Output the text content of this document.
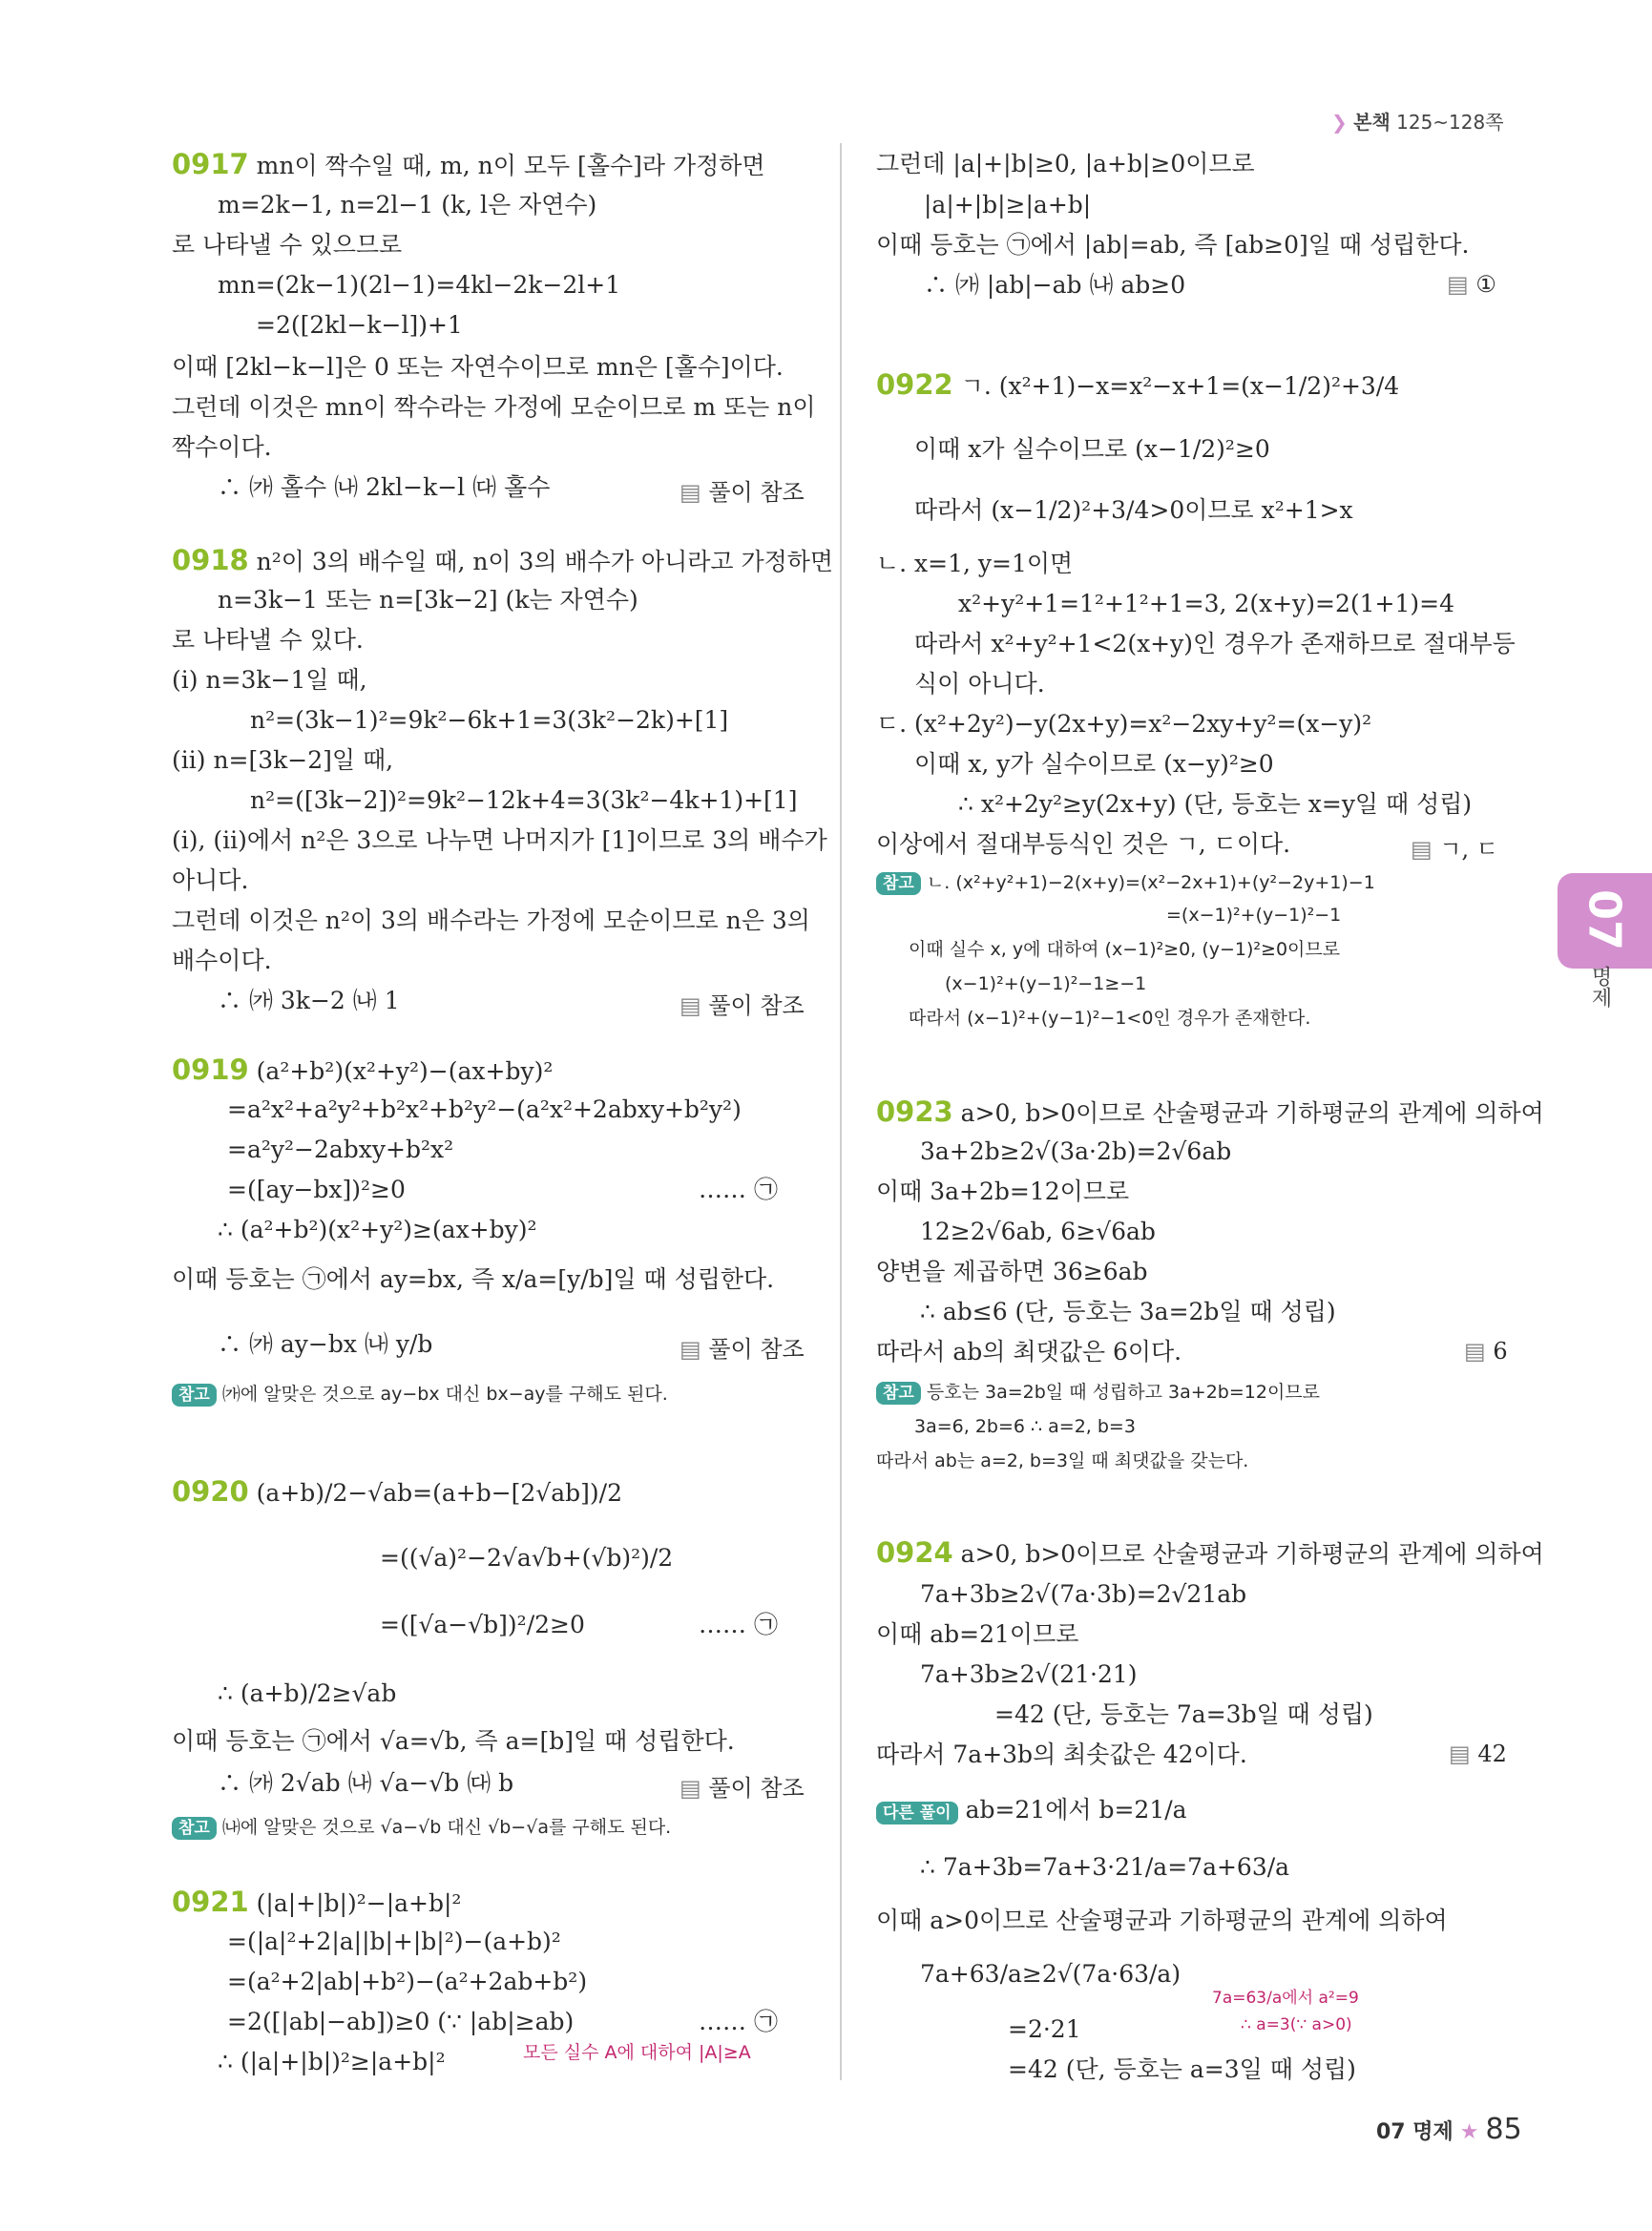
❯ 본책 125~128쪽
0917 mn이 짝수일 때, m, n이 모두 [홀수]라 가정하면
m=2k−1, n=2l−1 (k, l은 자연수)
로 나타낼 수 있으므로
mn=(2k−1)(2l−1)=4kl−2k−2l+1
=2([2kl−k−l])+1
이때 [2kl−k−l]은 0 또는 자연수이므로 mn은 [홀수]이다.
그런데 이것은 mn이 짝수라는 가정에 모순이므로 m 또는 n이
짝수이다.
∴ ㈎ 홀수 ㈏ 2kl−k−l ㈐ 홀수	▤ 풀이 참조
0918 n²이 3의 배수일 때, n이 3의 배수가 아니라고 가정하면
n=3k−1 또는 n=[3k−2] (k는 자연수)
로 나타낼 수 있다.
(i) n=3k−1일 때,
n²=(3k−1)²=9k²−6k+1=3(3k²−2k)+[1]
(ii) n=[3k−2]일 때,
n²=([3k−2])²=9k²−12k+4=3(3k²−4k+1)+[1]
(i), (ii)에서 n²은 3으로 나누면 나머지가 [1]이므로 3의 배수가
아니다.
그런데 이것은 n²이 3의 배수라는 가정에 모순이므로 n은 3의
배수이다.
∴ ㈎ 3k−2 ㈏ 1	▤ 풀이 참조
0919 (a²+b²)(x²+y²)−(ax+by)²
=a²x²+a²y²+b²x²+b²y²−(a²x²+2abxy+b²y²)
=a²y²−2abxy+b²x²
=([ay−bx])²≥0	…… ㉠
∴ (a²+b²)(x²+y²)≥(ax+by)²
이때 등호는 ㉠에서 ay=bx, 즉 x/a=[y/b]일 때 성립한다.
∴ ㈎ ay−bx ㈏ y/b	▤ 풀이 참조
참고 ㈎에 알맞은 것으로 ay−bx 대신 bx−ay를 구해도 된다.
0920 (a+b)/2−√ab=(a+b−[2√ab])/2
=((√a)²−2√a√b+(√b)²)/2
=([√a−√b])²/2≥0	…… ㉠
∴ (a+b)/2≥√ab
이때 등호는 ㉠에서 √a=√b, 즉 a=[b]일 때 성립한다.
∴ ㈎ 2√ab ㈏ √a−√b ㈐ b	▤ 풀이 참조
참고 ㈏에 알맞은 것으로 √a−√b 대신 √b−√a를 구해도 된다.
0921 (|a|+|b|)²−|a+b|²
=(|a|²+2|a||b|+|b|²)−(a+b)²
=(a²+2|ab|+b²)−(a²+2ab+b²)
=2([|ab|−ab])≥0 (∵ |ab|≥ab)	…… ㉠
∴ (|a|+|b|)²≥|a+b|²	모든 실수 A에 대하여 |A|≥A
그런데 |a|+|b|≥0, |a+b|≥0이므로
|a|+|b|≥|a+b|
이때 등호는 ㉠에서 |ab|=ab, 즉 [ab≥0]일 때 성립한다.
∴ ㈎ |ab|−ab ㈏ ab≥0	▤ ①
0922 ㄱ. (x²+1)−x=x²−x+1=(x−1/2)²+3/4
이때 x가 실수이므로 (x−1/2)²≥0
따라서 (x−1/2)²+3/4>0이므로 x²+1>x
ㄴ. x=1, y=1이면
x²+y²+1=1²+1²+1=3, 2(x+y)=2(1+1)=4
따라서 x²+y²+1<2(x+y)인 경우가 존재하므로 절대부등
식이 아니다.
ㄷ. (x²+2y²)−y(2x+y)=x²−2xy+y²=(x−y)²
이때 x, y가 실수이므로 (x−y)²≥0
∴ x²+2y²≥y(2x+y) (단, 등호는 x=y일 때 성립)
이상에서 절대부등식인 것은 ㄱ, ㄷ이다.	▤ ㄱ, ㄷ
참고 ㄴ. (x²+y²+1)−2(x+y)=(x²−2x+1)+(y²−2y+1)−1
=(x−1)²+(y−1)²−1
이때 실수 x, y에 대하여 (x−1)²≥0, (y−1)²≥0이므로
(x−1)²+(y−1)²−1≥−1
따라서 (x−1)²+(y−1)²−1<0인 경우가 존재한다.
0923 a>0, b>0이므로 산술평균과 기하평균의 관계에 의하여
3a+2b≥2√(3a·2b)=2√6ab
이때 3a+2b=12이므로
12≥2√6ab, 6≥√6ab
양변을 제곱하면 36≥6ab
∴ ab≤6 (단, 등호는 3a=2b일 때 성립)
따라서 ab의 최댓값은 6이다.	▤ 6
참고 등호는 3a=2b일 때 성립하고 3a+2b=12이므로
3a=6, 2b=6 ∴ a=2, b=3
따라서 ab는 a=2, b=3일 때 최댓값을 갖는다.
0924 a>0, b>0이므로 산술평균과 기하평균의 관계에 의하여
7a+3b≥2√(7a·3b)=2√21ab
이때 ab=21이므로
7a+3b≥2√(21·21)
=42 (단, 등호는 7a=3b일 때 성립)
따라서 7a+3b의 최솟값은 42이다.	▤ 42
다른 풀이 ab=21에서 b=21/a
∴ 7a+3b=7a+3·21/a=7a+63/a
이때 a>0이므로 산술평균과 기하평균의 관계에 의하여
7a+63/a≥2√(7a·63/a)
=2·21
=42 (단, 등호는 a=3일 때 성립)
7a=63/a에서 a²=9
∴ a=3(∵ a>0)
07
명제
07 명제 ★ 85
